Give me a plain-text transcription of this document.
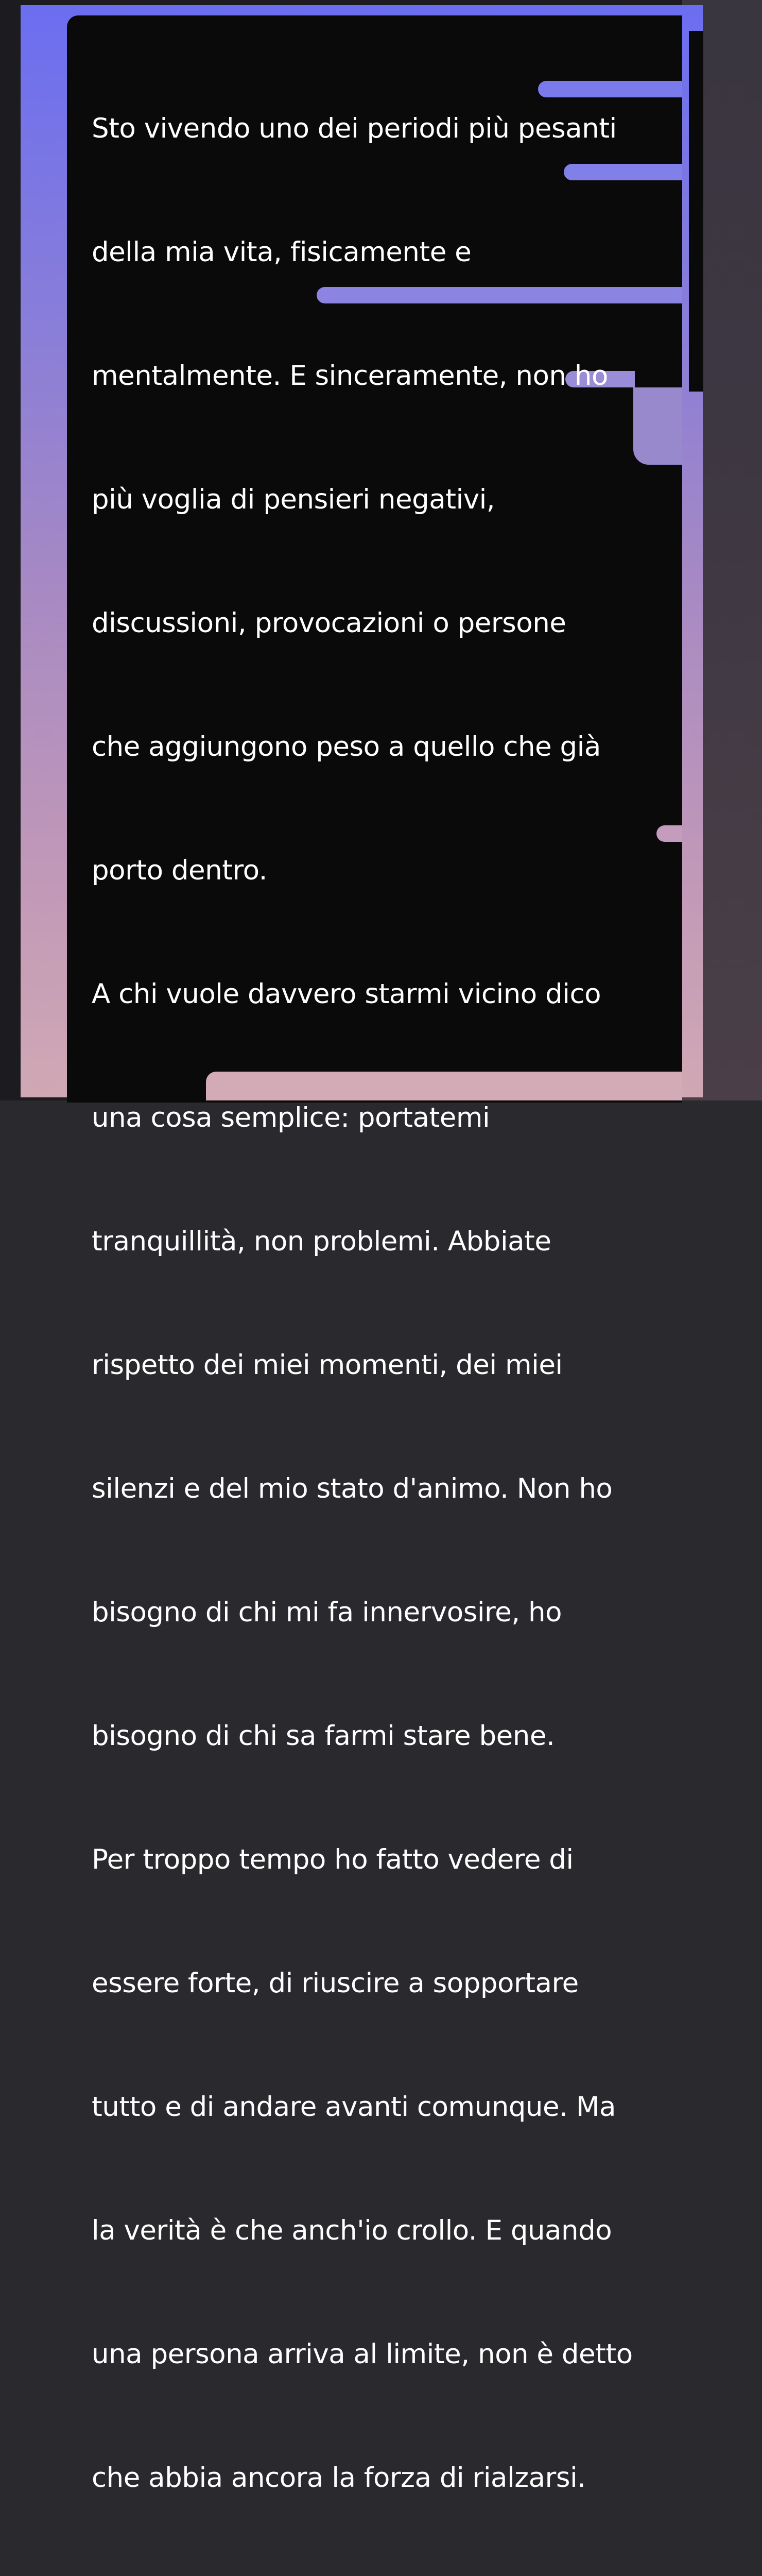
Sto vivendo uno dei periodi più pesanti

della mia vita, fisicamente e

mentalmente. E sinceramente, non ho

più voglia di pensieri negativi,

discussioni, provocazioni o persone

che aggiungono peso a quello che già

porto dentro.

A chi vuole davvero starmi vicino dico

una cosa semplice: portatemi

tranquillità, non problemi. Abbiate

rispetto dei miei momenti, dei miei

silenzi e del mio stato d'animo. Non ho

bisogno di chi mi fa innervosire, ho

bisogno di chi sa farmi stare bene.

Per troppo tempo ho fatto vedere di

essere forte, di riuscire a sopportare

tutto e di andare avanti comunque. Ma

la verità è che anch'io crollo. E quando

una persona arriva al limite, non è detto

che abbia ancora la forza di rialzarsi.
